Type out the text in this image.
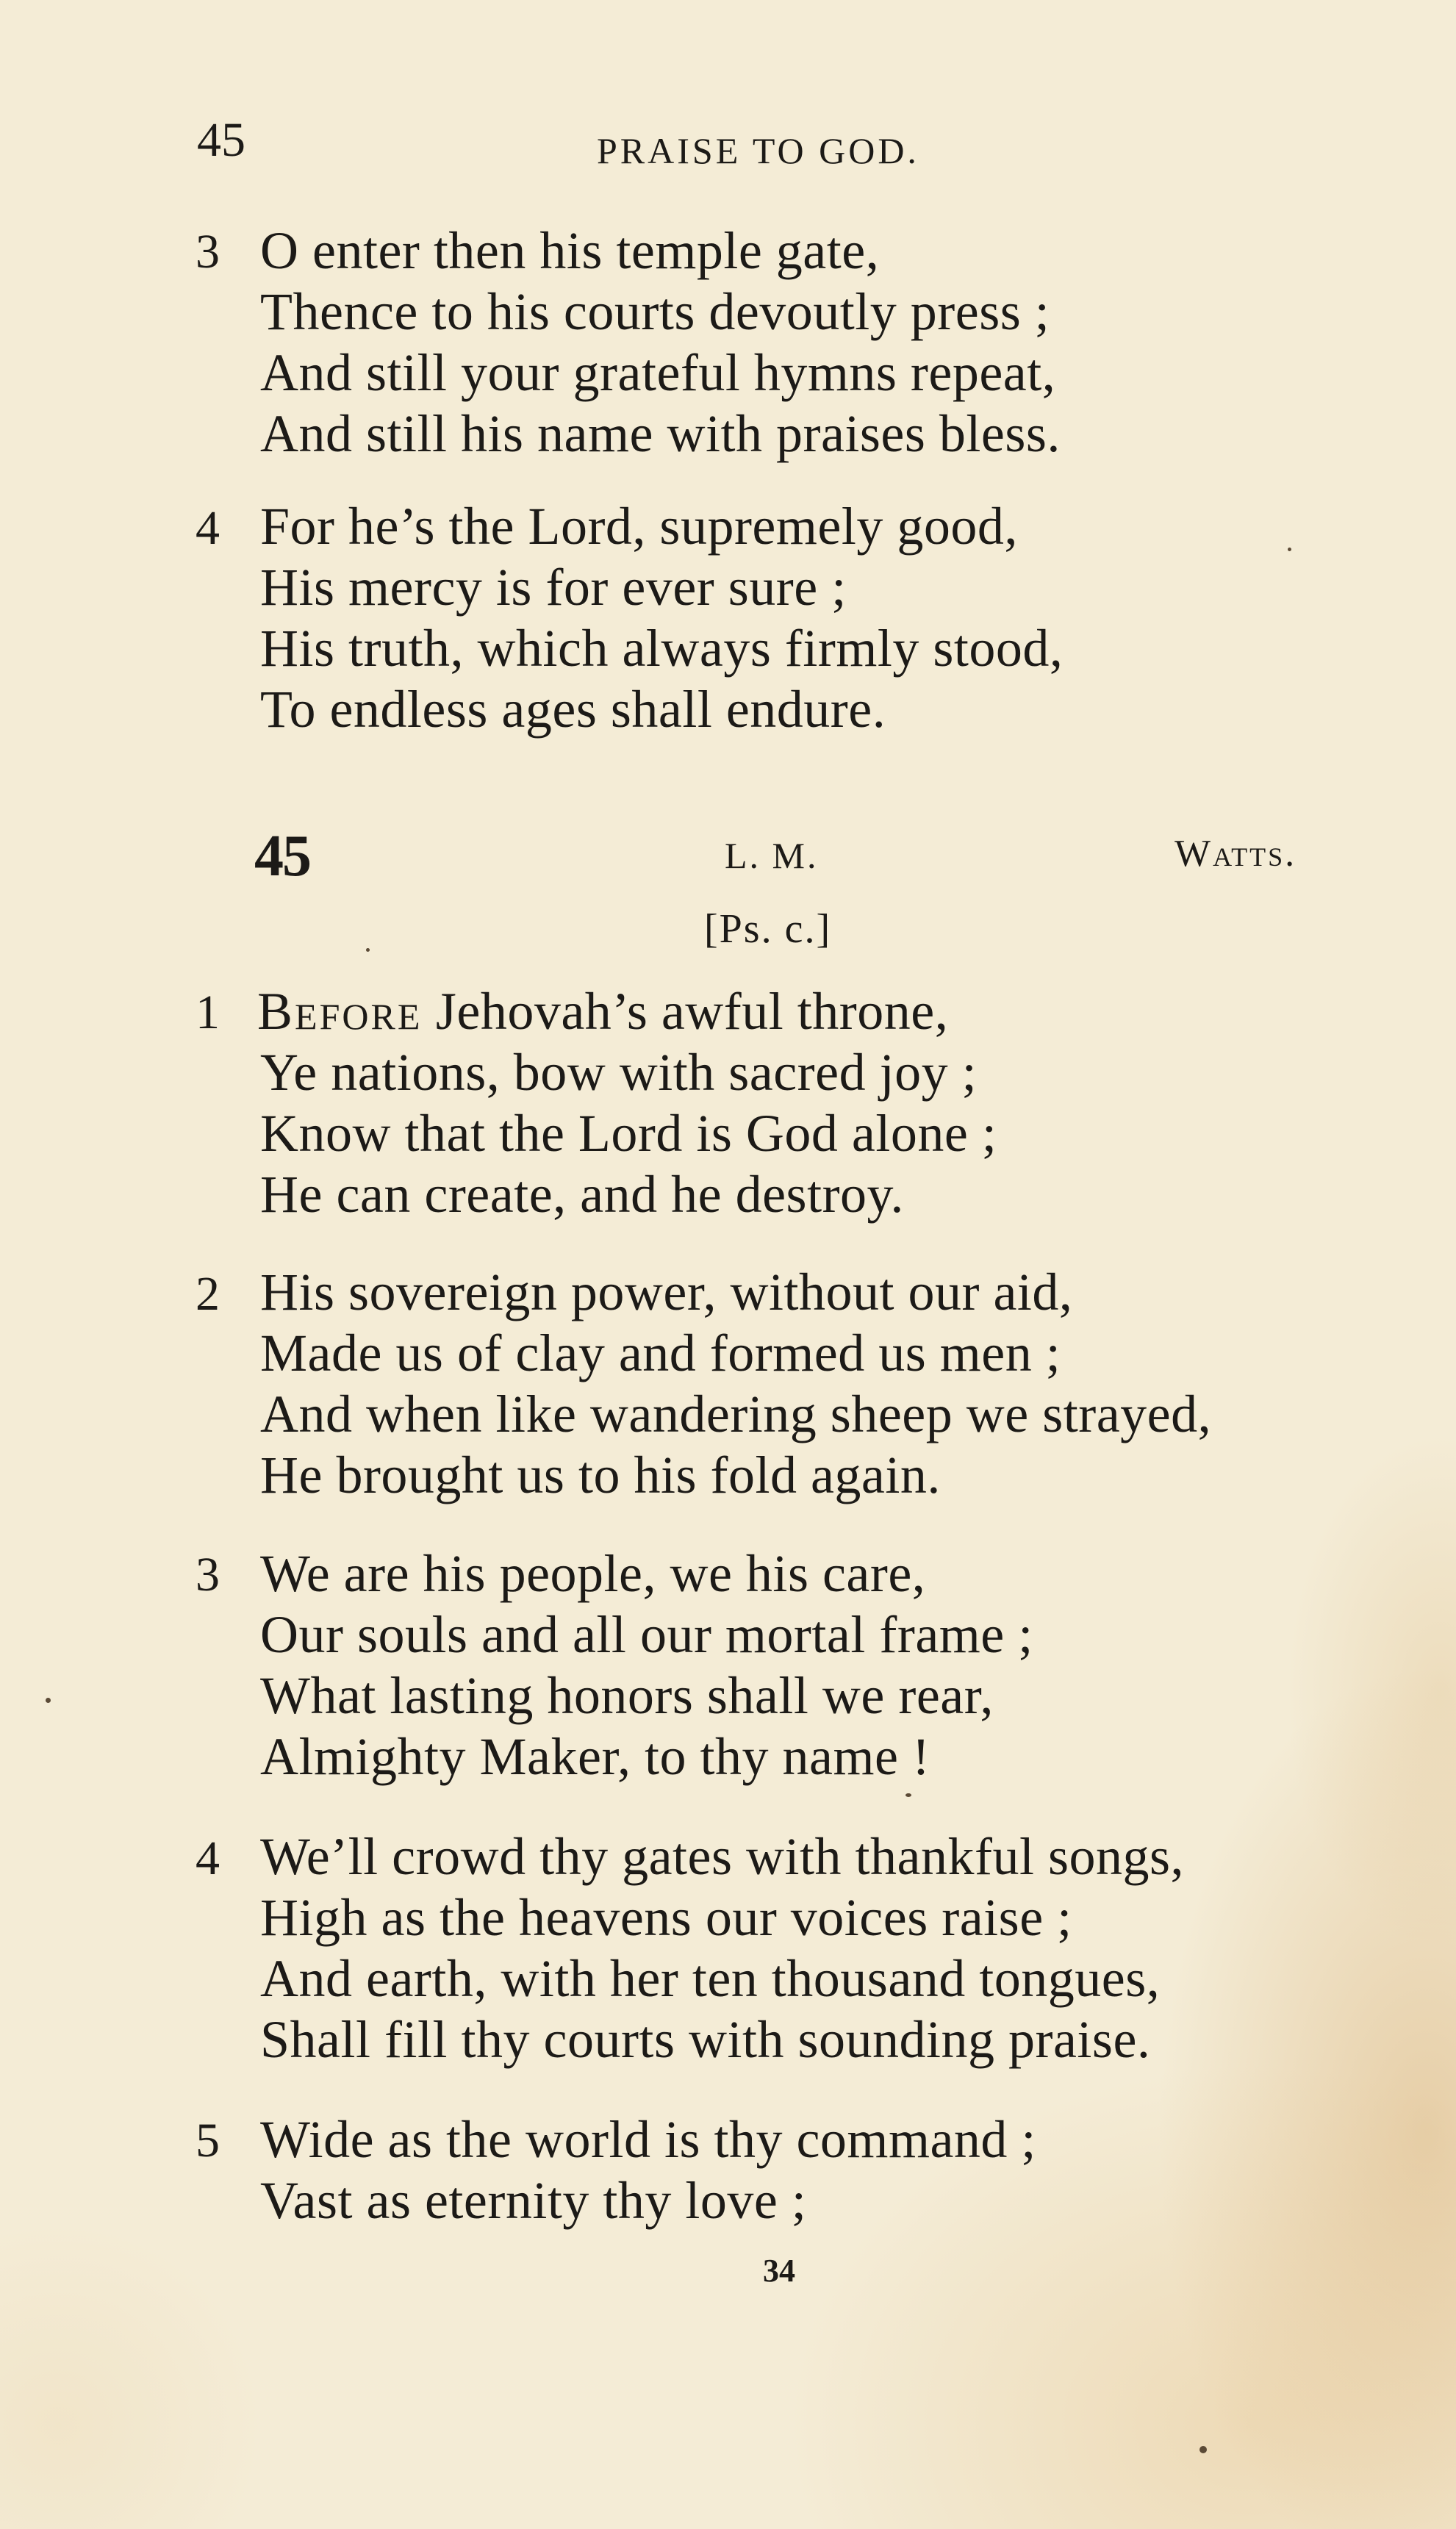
45	PRAISE TO GOD.
3 O enter then his temple gate,
Thence to his courts devoutly press ;
And still your grateful hymns repeat,
And still his name with praises bless.
4 For he’s the Lord, supremely good,
His mercy is for ever sure ;
His truth, which always firmly stood,
To endless ages shall endure.
45	L. M.	Watts.
[Ps. c.]
1 Before Jehovah’s awful throne,
Ye nations, bow with sacred joy ;
Know that the Lord is God alone ;
He can create, and he destroy.
2 His sovereign power, without our aid,
Made us of clay and formed us men ;
And when like wandering sheep we strayed,
He brought us to his fold again.
3 We are his people, we his care,
Our souls and all our mortal frame ;
What lasting honors shall we rear,
Almighty Maker, to thy name !
4 We’ll crowd thy gates with thankful songs,
High as the heavens our voices raise ;
And earth, with her ten thousand tongues,
Shall fill thy courts with sounding praise.
5 Wide as the world is thy command ;
Vast as eternity thy love ;
34
